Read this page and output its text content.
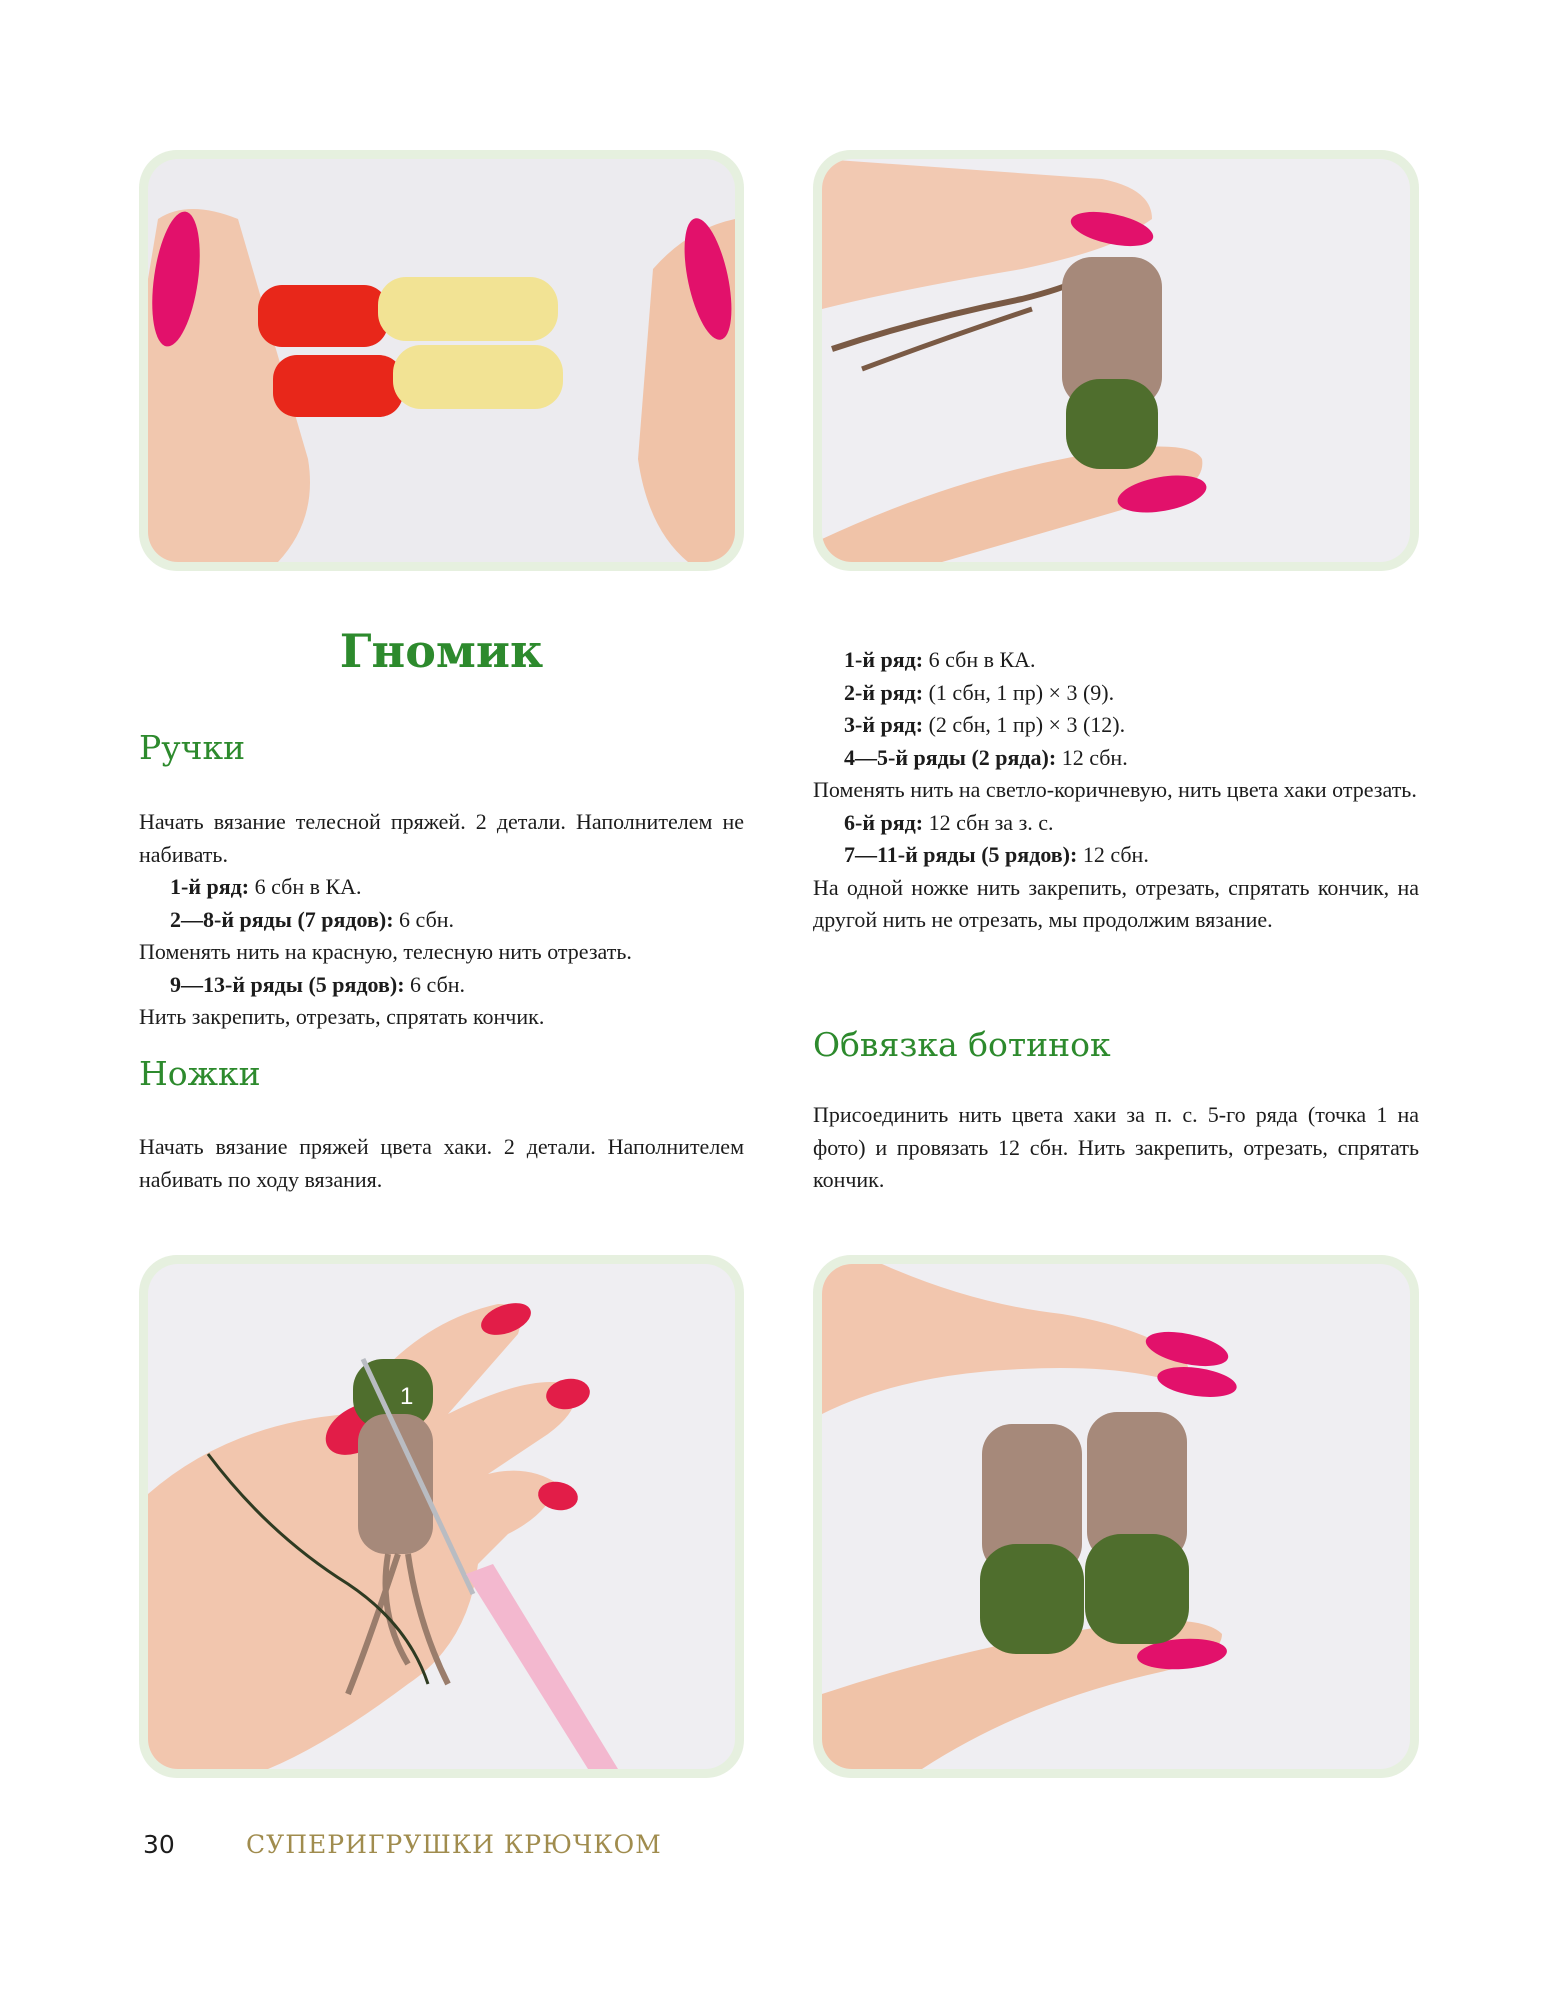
Гномик
Ручки

Начать вязание телесной пряжей. 2 детали. Наполнителем не набивать.

1-й ряд: 6 сбн в КА.

2—8-й ряды (7 рядов): 6 сбн.

Поменять нить на красную, телесную нить отрезать.

9—13-й ряды (5 рядов): 6 сбн.

Нить закрепить, отрезать, спрятать кончик.

Ножки

Начать вязание пряжей цвета хаки. 2 детали. Наполнителем набивать по ходу вязания.

1-й ряд: 6 сбн в КА.

2-й ряд: (1 сбн, 1 пр) × 3 (9).

3-й ряд: (2 сбн, 1 пр) × 3 (12).

4—5-й ряды (2 ряда): 12 сбн.

Поменять нить на светло-коричневую, нить цвета хаки отрезать.

6-й ряд: 12 сбн за з. с.

7—11-й ряды (5 рядов): 12 сбн.

На одной ножке нить закрепить, отрезать, спрятать кончик, на другой нить не отрезать, мы продолжим вязание.

Обвязка ботинок

Присоединить нить цвета хаки за п. с. 5-го ряда (точка 1 на фото) и провязать 12 сбн. Нить закрепить, отрезать, спрятать кончик.

1
30	СУПЕРИГРУШКИ КРЮЧКОМ
